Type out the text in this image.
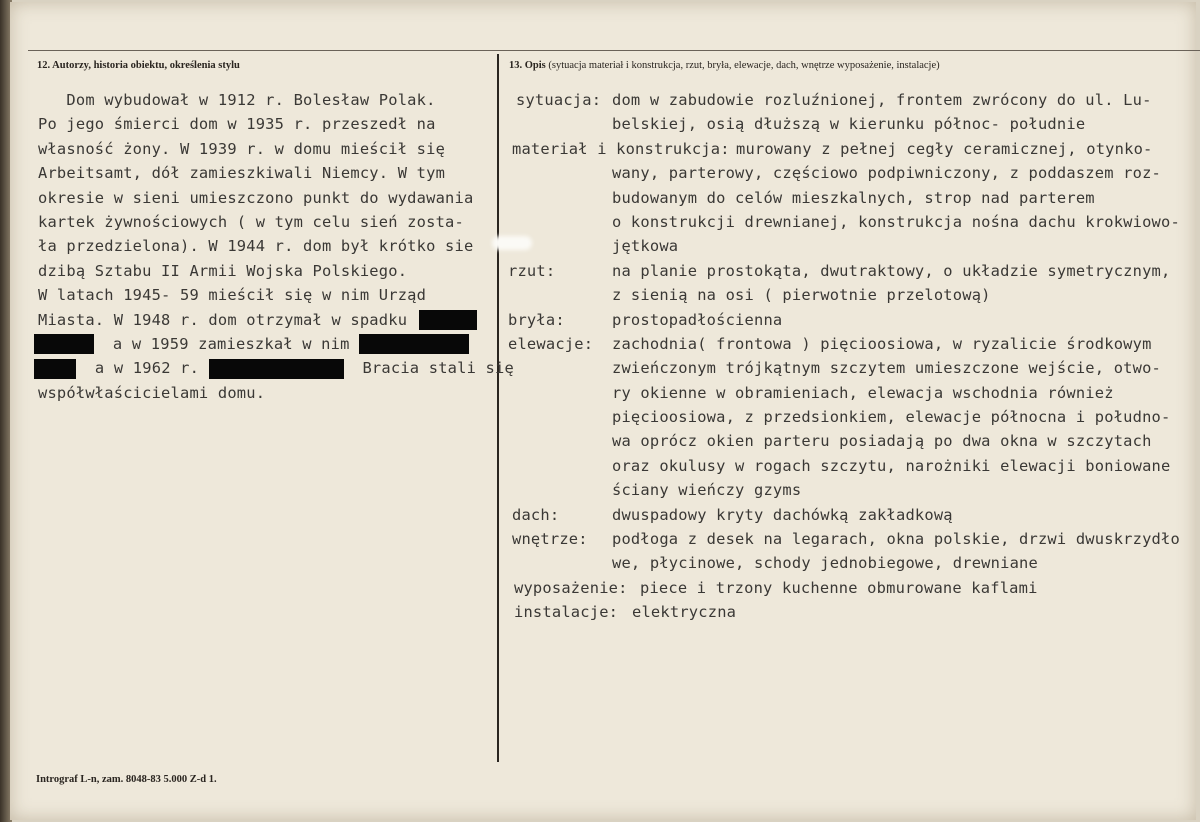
12. Autorzy, historia obiektu, określenia stylu	13. Opis (sytuacja materiał i konstrukcja, rzut, bryła, elewacje, dach, wnętrze wyposażenie, instalacje)
Dom wybudował w 1912 r. Bolesław Polak.
Po jego śmierci dom w 1935 r. przeszedł na
własność żony. W 1939 r. w domu mieścił się
Arbeitsamt, dół zamieszkiwali Niemcy. W tym
okresie w sieni umieszczono punkt do wydawania
kartek żywnościowych ( w tym celu sień zosta-
ła przedzielona). W 1944 r. dom był krótko sie
dzibą Sztabu II Armii Wojska Polskiego.
W latach 1945- 59 mieścił się w nim Urząd
Miasta. W 1948 r. dom otrzymał w spadku
a w 1959 zamieszkał w nim
a w 1962 r.	Bracia stali się
współwłaścicielami domu.
sytuacja: dom w zabudowie rozluźnionej, frontem zwrócony do ul. Lu-
belskiej, osią dłuższą w kierunku północ- południe
materiał i konstrukcja: murowany z pełnej cegły ceramicznej, otynko-
wany, parterowy, częściowo podpiwniczony, z poddaszem roz-
budowanym do celów mieszkalnych, strop nad parterem
o konstrukcji drewnianej, konstrukcja nośna dachu krokwiowo-
jętkowa
rzut:	na planie prostokąta, dwutraktowy, o układzie symetrycznym,
z sienią na osi ( pierwotnie przelotową)
bryła:	prostopadłościenna
elewacje: zachodnia( frontowa ) pięcioosiowa, w ryzalicie środkowym
zwieńczonym trójkątnym szczytem umieszczone wejście, otwo-
ry okienne w obramieniach, elewacja wschodnia również
pięcioosiowa, z przedsionkiem, elewacje północna i połudno-
wa oprócz okien parteru posiadają po dwa okna w szczytach
oraz okulusy w rogach szczytu, narożniki elewacji boniowane
ściany wieńczy gzyms
dach:	dwuspadowy kryty dachówką zakładkową
wnętrze: podłoga z desek na legarach, okna polskie, drzwi dwuskrzydło
we, płycinowe, schody jednobiegowe, drewniane
wyposażenie: piece i trzony kuchenne obmurowane kaflami
instalacje: elektryczna
Intrograf L-n, zam. 8048-83 5.000 Z-d 1.
